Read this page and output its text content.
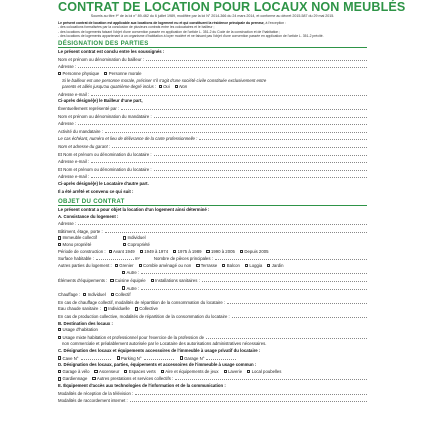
CONTRAT DE LOCATION POUR LOCAUX NON MEUBLÉS
Soumis au titre Iᵉʳ de la loi n° 89-462 du 6 juillet 1989, modifiée par la loi N° 2014-366 du 24 mars 2014, et conforme au décret 2015-587 du 29 mai 2015.

Le présent contrat de location est applicable aux locations de logement nu et qui constituent la résidence principale du preneur, à l'exception :

- des colocations formalisées par la conclusion de plusieurs contrats entre les colocataires et le bailleur ;

- des locations de logements faisant l'objet d'une convention passée en application de l'article L. 351-2 du Code de la construction et de l'habitation ;

- des locations de logements appartenant à un organisme d'habitation à loyer modéré et ne faisant pas l'objet d'une convention passée en application de l'article L. 351-2 précité.

DÉSIGNATION DES PARTIES
Le présent contrat est conclu entre les soussignés :
Nom et prénom ou dénomination du bailleur :
Adresse :
Personne physique	Personne morale
Si le bailleur est une personne morale, préciser s'il s'agit d'une société civile constituée exclusivement entre
parents et alliés jusqu'au quatrième degré inclus :
	Oui	Non
Adresse e-mail :
Ci-après désigné(e) le Bailleur d'une part,
Éventuellement représenté par :
Nom et prénom ou dénomination du mandataire :
Adresse :
Activité du mandataire :
Le cas échéant, numéro et lieu de délivrance de la carte professionnelle :
Nom et adresse du garant :
Et Nom et prénom ou dénomination du locataire :
Adresse e-mail :
Et Nom et prénom ou dénomination du locataire :
Adresse e-mail :
Ci-après désigné(e) le Locataire d'autre part.
Il a été arrêté et convenu ce qui suit :
OBJET DU CONTRAT
Le présent contrat a pour objet la location d'un logement ainsi déterminé :
A. Consistance du logement :
Adresse :
Bâtiment, étage, porte :
Immeuble collectif	Individuel
Mono propriété	Copropriété
Période de construction :	Avant 1949	1949 à 1974	1975 à 1989	1990 à 2005	Depuis 2005
Surface habitable :	m²	Nombre de pièces principales :
Autres parties du logement :	Grenier	Comble aménagé ou non	Terrasse	Balcon	Loggia	Jardin
Autre :
Éléments d'équipements :	Cuisine équipée Installations sanitaires :
Autre :
Chauffage :	Individuel	Collectif
En cas de chauffage collectif, modalités de répartition de la consommation du locataire :
Eau chaude sanitaire :	Individuelle	Collective
En cas de production collective, modalités de répartition de la consommation du locataire :
B. Destination des locaux :
Usage d'habitation
Usage mixte habitation et professionnel pour l'exercice de la profession de
non commerciale et préalablement autorisée par le Locataire des autorisations administratives nécessaires.
C. Désignation des locaux et équipements accessoires de l'immeuble à usage privatif du locataire :
Cave N°	Parking N°	Garage N°
D. Désignation des locaux, parties, équipements et accessoires de l'immeuble à usage commun :
Garage à vélo	Ascenseur	Espaces verts	Aire et équipements de jeux	Laverie	Local poubelles
Gardiennage Autres prestations et services collectifs :
E. Équipement d'accès aux technologies de l'information et de la communication :
Modalités de réception de la télévision :
Modalités de raccordement internet :
